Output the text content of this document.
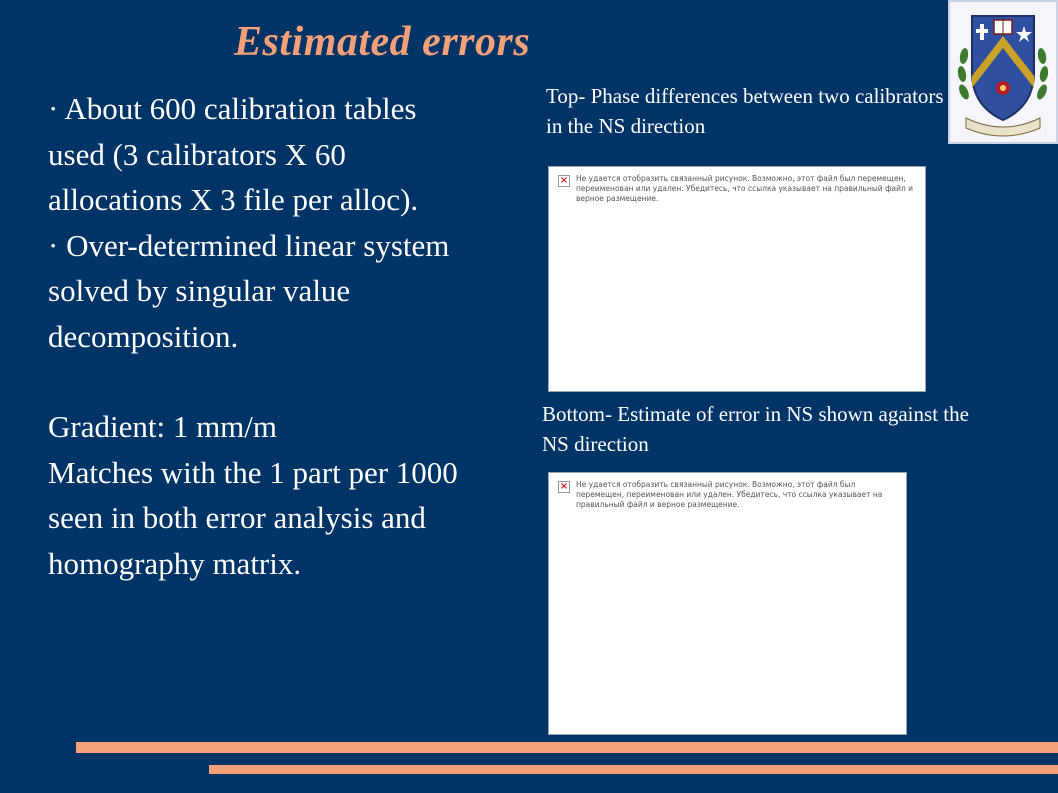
Estimated errors

· About 600 calibration tables

used (3 calibrators X 60 allocations X 3 file per alloc).

· Over-determined linear system solved by singular value decomposition.

Gradient: 1 mm/m

Matches with the 1 part per 1000 seen in both error analysis and homography matrix.

Top- Phase differences between two calibrators in the NS direction
× Не удается отобразить связанный рисунок. Возможно, этот файл был перемещен, переименован или удален. Убедитесь, что ссылка указывает на правильный файл и верное размещение.
Bottom- Estimate of error in NS shown against the NS direction
× Не удается отобразить связанный рисунок. Возможно, этот файл был перемещен, переименован или удален. Убедитесь, что ссылка указывает на правильный файл и верное размещение.
